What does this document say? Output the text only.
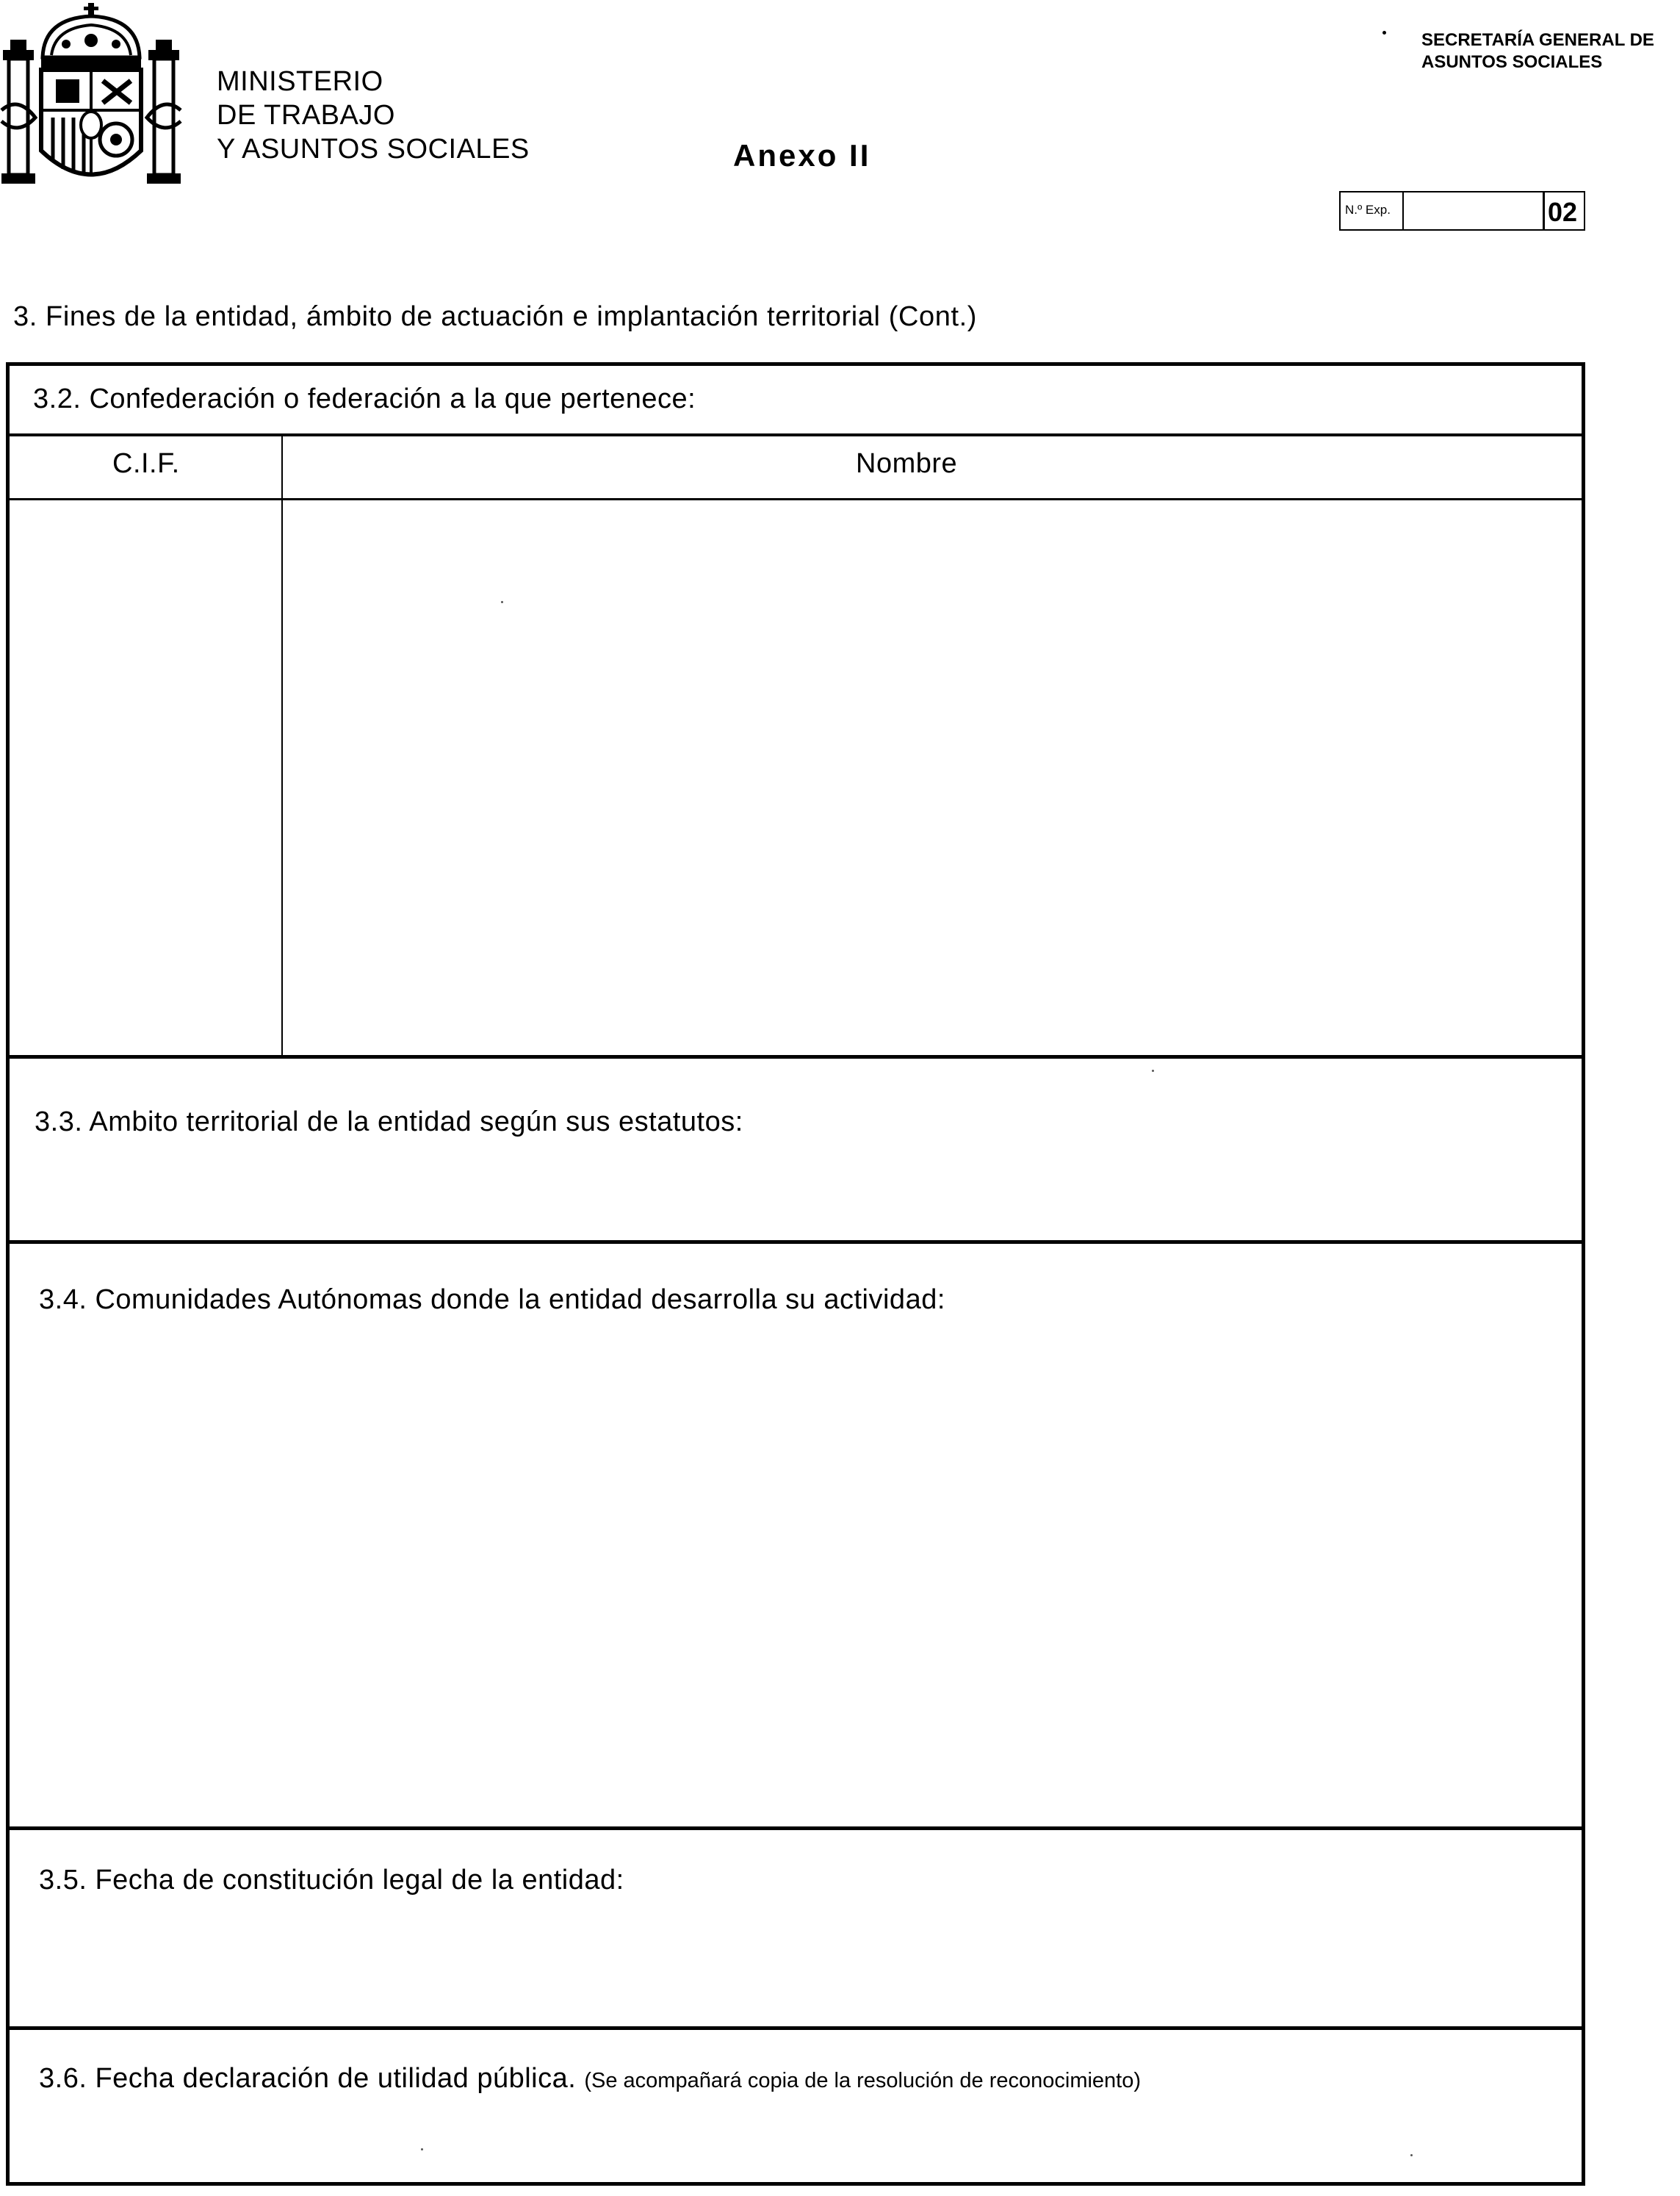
MINISTERIO
DE TRABAJO
Y ASUNTOS SOCIALES	Anexo II
SECRETARÍA GENERAL DE
ASUNTOS SOCIALES
N.º Exp.	02
3. Fines de la entidad, ámbito de actuación e implantación territorial (Cont.)
3.2. Confederación o federación a la que pertenece:
C.I.F.	Nombre
3.3. Ambito territorial de la entidad según sus estatutos:
3.4. Comunidades Autónomas donde la entidad desarrolla su actividad:
3.5. Fecha de constitución legal de la entidad:
3.6. Fecha declaración de utilidad pública. (Se acompañará copia de la resolución de reconocimiento)
